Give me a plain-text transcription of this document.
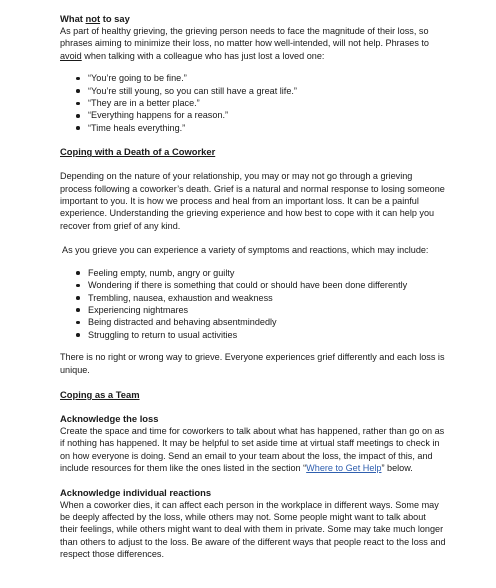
What not to say

As part of healthy grieving, the grieving person needs to face the magnitude of their loss, so phrases aiming to minimize their loss, no matter how well-intended, will not help. Phrases to avoid when talking with a colleague who has just lost a loved one:

“You’re going to be fine.”
“You’re still young, so you can still have a great life.”
“They are in a better place.”
“Everything happens for a reason.”
“Time heals everything.”
Coping with a Death of a Coworker

Depending on the nature of your relationship, you may or may not go through a grieving process following a coworker’s death. Grief is a natural and normal response to losing someone important to you. It is how we process and heal from an important loss. It can be a painful experience. Understanding the grieving experience and how best to cope with it can help you recover from grief of any kind.

As you grieve you can experience a variety of symptoms and reactions, which may include:

Feeling empty, numb, angry or guilty
Wondering if there is something that could or should have been done differently
Trembling, nausea, exhaustion and weakness
Experiencing nightmares
Being distracted and behaving absentmindedly
Struggling to return to usual activities

There is no right or wrong way to grieve. Everyone experiences grief differently and each loss is unique.

Coping as a Team
Acknowledge the loss

Create the space and time for coworkers to talk about what has happened, rather than go on as if nothing has happened. It may be helpful to set aside time at virtual staff meetings to check in on how everyone is doing. Send an email to your team about the loss, the impact of this, and include resources for them like the ones listed in the section “Where to Get Help” below.

Acknowledge individual reactions

When a coworker dies, it can affect each person in the workplace in different ways. Some may be deeply affected by the loss, while others may not. Some people might want to talk about their feelings, while others might want to deal with them in private. Some may take much longer than others to adjust to the loss. Be aware of the different ways that people react to the loss and respect those differences.
